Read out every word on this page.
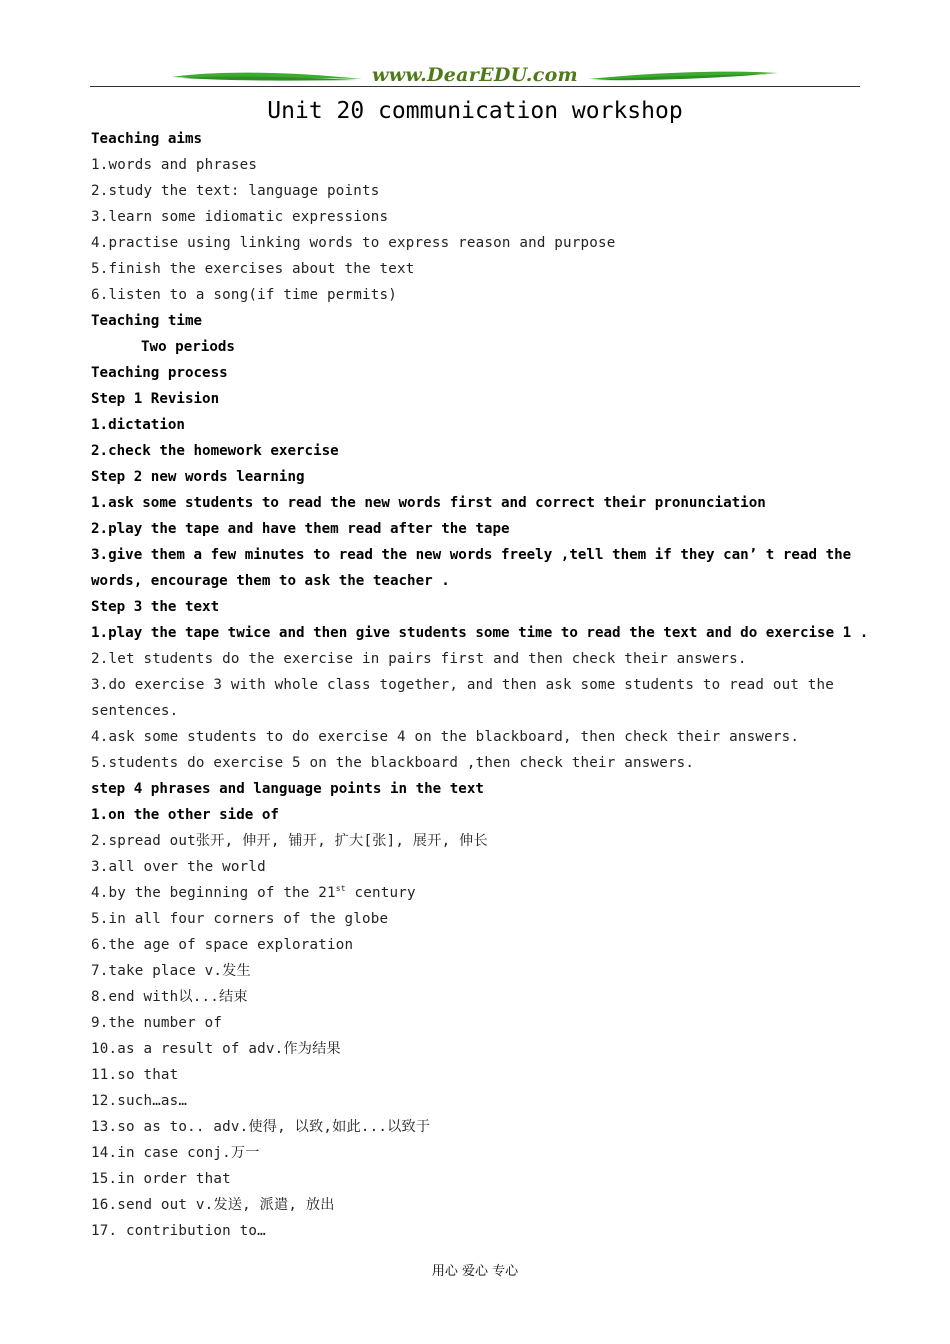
www.DearEDU.com
Unit 20 communication workshop
Teaching aims
1.words and phrases
2.study the text: language points
3.learn some idiomatic expressions
4.practise using linking words to express reason and purpose
5.finish the exercises about the text
6.listen to a song(if time permits)
Teaching time
Two periods
Teaching process
Step 1 Revision
1.dictation
2.check the homework exercise
Step 2 new words learning
1.ask some students to read the new words first and correct their pronunciation
2.play the tape and have them read after the tape
3.give them a few minutes to read the new words freely ,tell them if they can’ t read the
words, encourage them to ask the teacher .
Step 3 the text
1.play the tape twice and then give students some time to read the text and do exercise 1 .
2.let students do the exercise in pairs first and then check their answers.
3.do exercise 3 with whole class together, and then ask some students to read out the
sentences.
4.ask some students to do exercise 4 on the blackboard, then check their answers.
5.students do exercise 5 on the blackboard ,then check their answers.
step 4 phrases and language points in the text
1.on the other side of
2.spread out张开, 伸开, 铺开, 扩大[张], 展开, 伸长
3.all over the world
4.by the beginning of the 21st century
5.in all four corners of the globe
6.the age of space exploration
7.take place v.发生
8.end with以...结束
9.the number of
10.as a result of adv.作为结果
11.so that
12.such…as…
13.so as to.. adv.使得, 以致,如此...以致于
14.in case conj.万一
15.in order that
16.send out v.发送, 派遣, 放出
17. contribution to…
用心 爱心 专心
